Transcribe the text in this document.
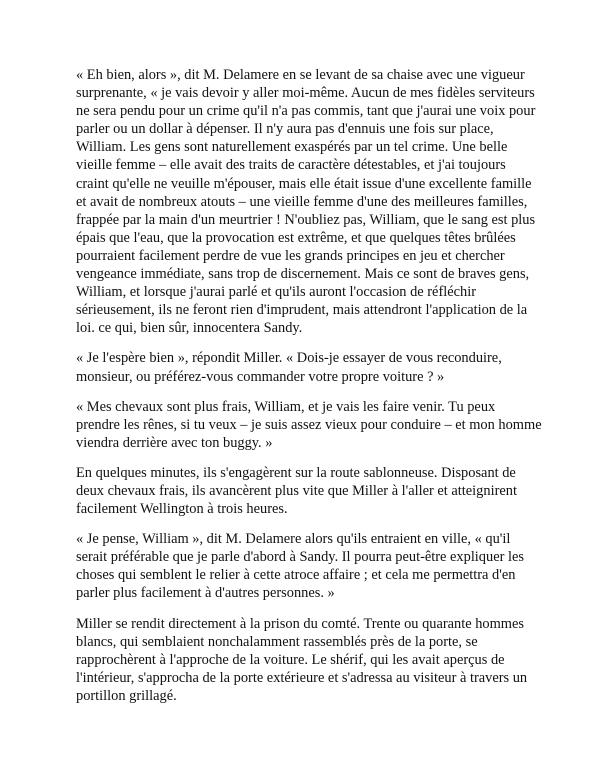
« Eh bien, alors », dit M. Delamere en se levant de sa chaise avec une vigueur surprenante, « je vais devoir y aller moi-même. Aucun de mes fidèles serviteurs ne sera pendu pour un crime qu'il n'a pas commis, tant que j'aurai une voix pour parler ou un dollar à dépenser. Il n'y aura pas d'ennuis une fois sur place, William. Les gens sont naturellement exaspérés par un tel crime. Une belle vieille femme – elle avait des traits de caractère détestables, et j'ai toujours craint qu'elle ne veuille m'épouser, mais elle était issue d'une excellente famille et avait de nombreux atouts – une vieille femme d'une des meilleures familles, frappée par la main d'un meurtrier ! N'oubliez pas, William, que le sang est plus épais que l'eau, que la provocation est extrême, et que quelques têtes brûlées pourraient facilement perdre de vue les grands principes en jeu et chercher vengeance immédiate, sans trop de discernement. Mais ce sont de braves gens, William, et lorsque j'aurai parlé et qu'ils auront l'occasion de réfléchir sérieusement, ils ne feront rien d'imprudent, mais attendront l'application de la loi. ce qui, bien sûr, innocentera Sandy.

« Je l'espère bien », répondit Miller. « Dois-je essayer de vous reconduire, monsieur, ou préférez-vous commander votre propre voiture ? »

« Mes chevaux sont plus frais, William, et je vais les faire venir. Tu peux prendre les rênes, si tu veux – je suis assez vieux pour conduire – et mon homme viendra derrière avec ton buggy. »

En quelques minutes, ils s'engagèrent sur la route sablonneuse. Disposant de deux chevaux frais, ils avancèrent plus vite que Miller à l'aller et atteignirent facilement Wellington à trois heures.

« Je pense, William », dit M. Delamere alors qu'ils entraient en ville, « qu'il serait préférable que je parle d'abord à Sandy. Il pourra peut-être expliquer les choses qui semblent le relier à cette atroce affaire ; et cela me permettra d'en parler plus facilement à d'autres personnes. »

Miller se rendit directement à la prison du comté. Trente ou quarante hommes blancs, qui semblaient nonchalamment rassemblés près de la porte, se rapprochèrent à l'approche de la voiture. Le shérif, qui les avait aperçus de l'intérieur, s'approcha de la porte extérieure et s'adressa au visiteur à travers un portillon grillagé.
